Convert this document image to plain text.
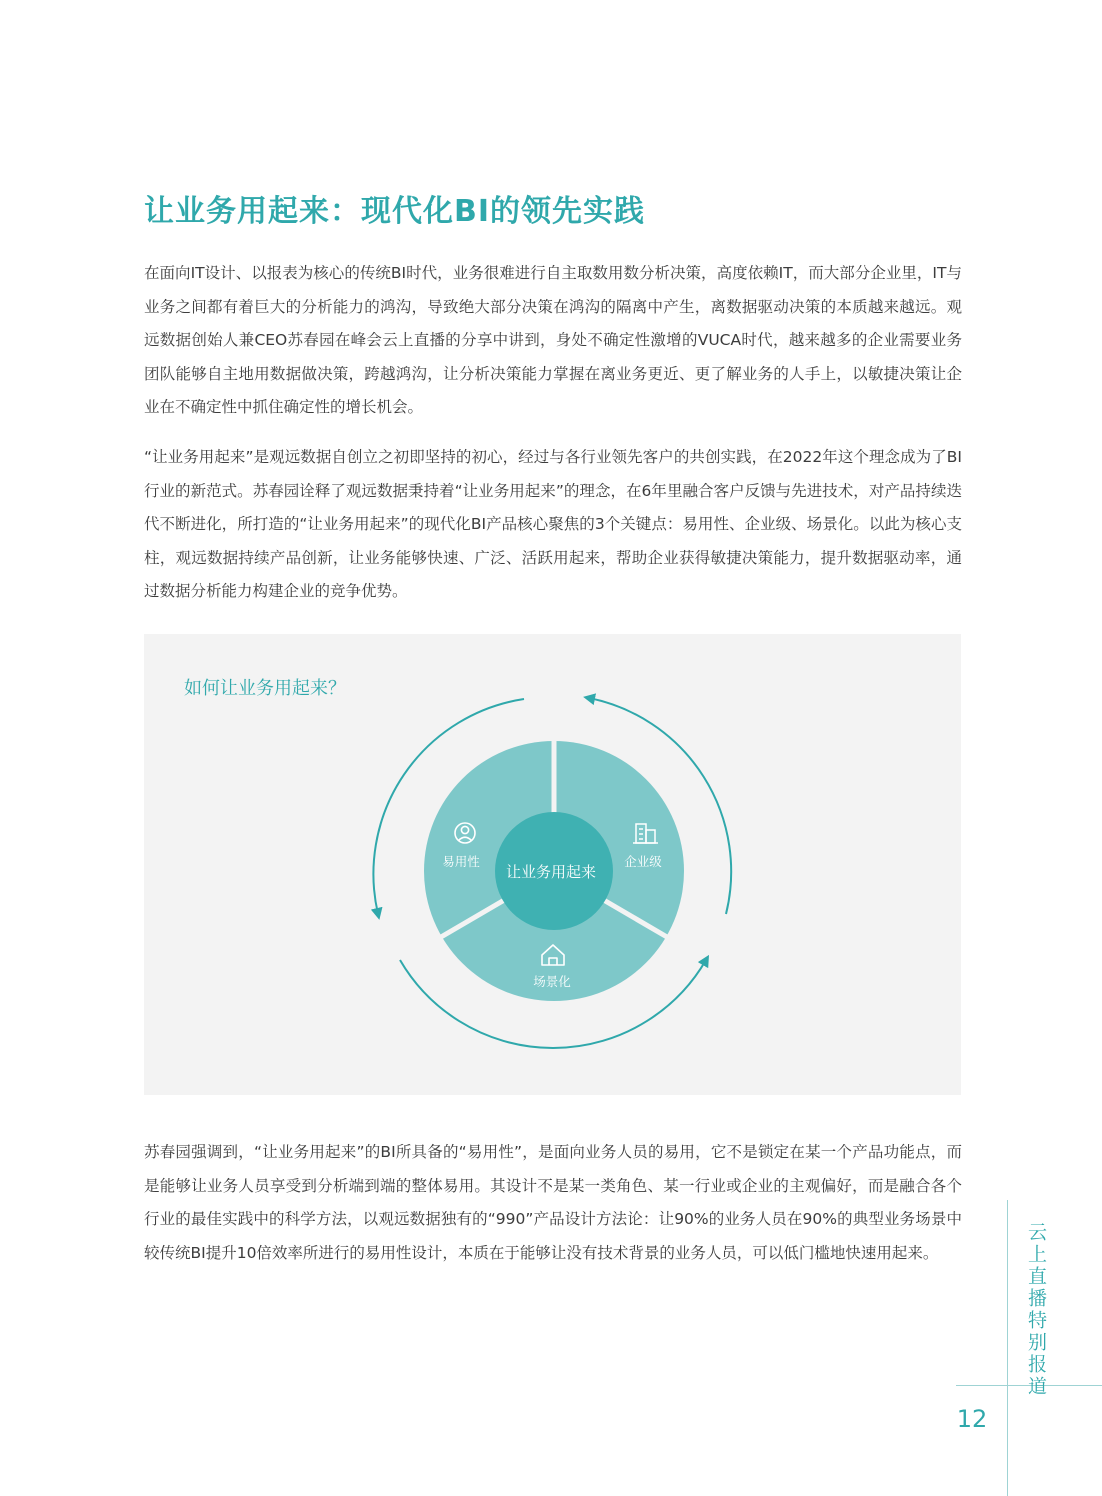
让业务用起来：现代化BI的领先实践

在面向IT设计、以报表为核心的传统BI时代，业务很难进行自主取数用数分析决策，高度依赖IT，而大部分企业里，IT与业务之间都有着巨大的分析能力的鸿沟，导致绝大部分决策在鸿沟的隔离中产生，离数据驱动决策的本质越来越远。观远数据创始人兼CEO苏春园在峰会云上直播的分享中讲到，身处不确定性激增的VUCA时代，越来越多的企业需要业务团队能够自主地用数据做决策，跨越鸿沟，让分析决策能力掌握在离业务更近、更了解业务的人手上，以敏捷决策让企业在不确定性中抓住确定性的增长机会。

“让业务用起来”是观远数据自创立之初即坚持的初心，经过与各行业领先客户的共创实践，在2022年这个理念成为了BI行业的新范式。苏春园诠释了观远数据秉持着“让业务用起来”的理念，在6年里融合客户反馈与先进技术，对产品持续迭代不断进化，所打造的“让业务用起来”的现代化BI产品核心聚焦的3个关键点：易用性、企业级、场景化。以此为核心支柱，观远数据持续产品创新，让业务能够快速、广泛、活跃用起来，帮助企业获得敏捷决策能力，提升数据驱动率，通过数据分析能力构建企业的竞争优势。

如何让业务用起来？

易用性	企业级
场景化
让业务用起来

苏春园强调到，“让业务用起来”的BI所具备的“易用性”，是面向业务人员的易用，它不是锁定在某一个产品功能点，而是能够让业务人员享受到分析端到端的整体易用。其设计不是某一类角色、某一行业或企业的主观偏好，而是融合各个行业的最佳实践中的科学方法，以观远数据独有的“990”产品设计方法论：让90%的业务人员在90%的典型业务场景中较传统BI提升10倍效率所进行的易用性设计，本质在于能够让没有技术背景的业务人员，可以低门槛地快速用起来。	云上直播特别报道
12
